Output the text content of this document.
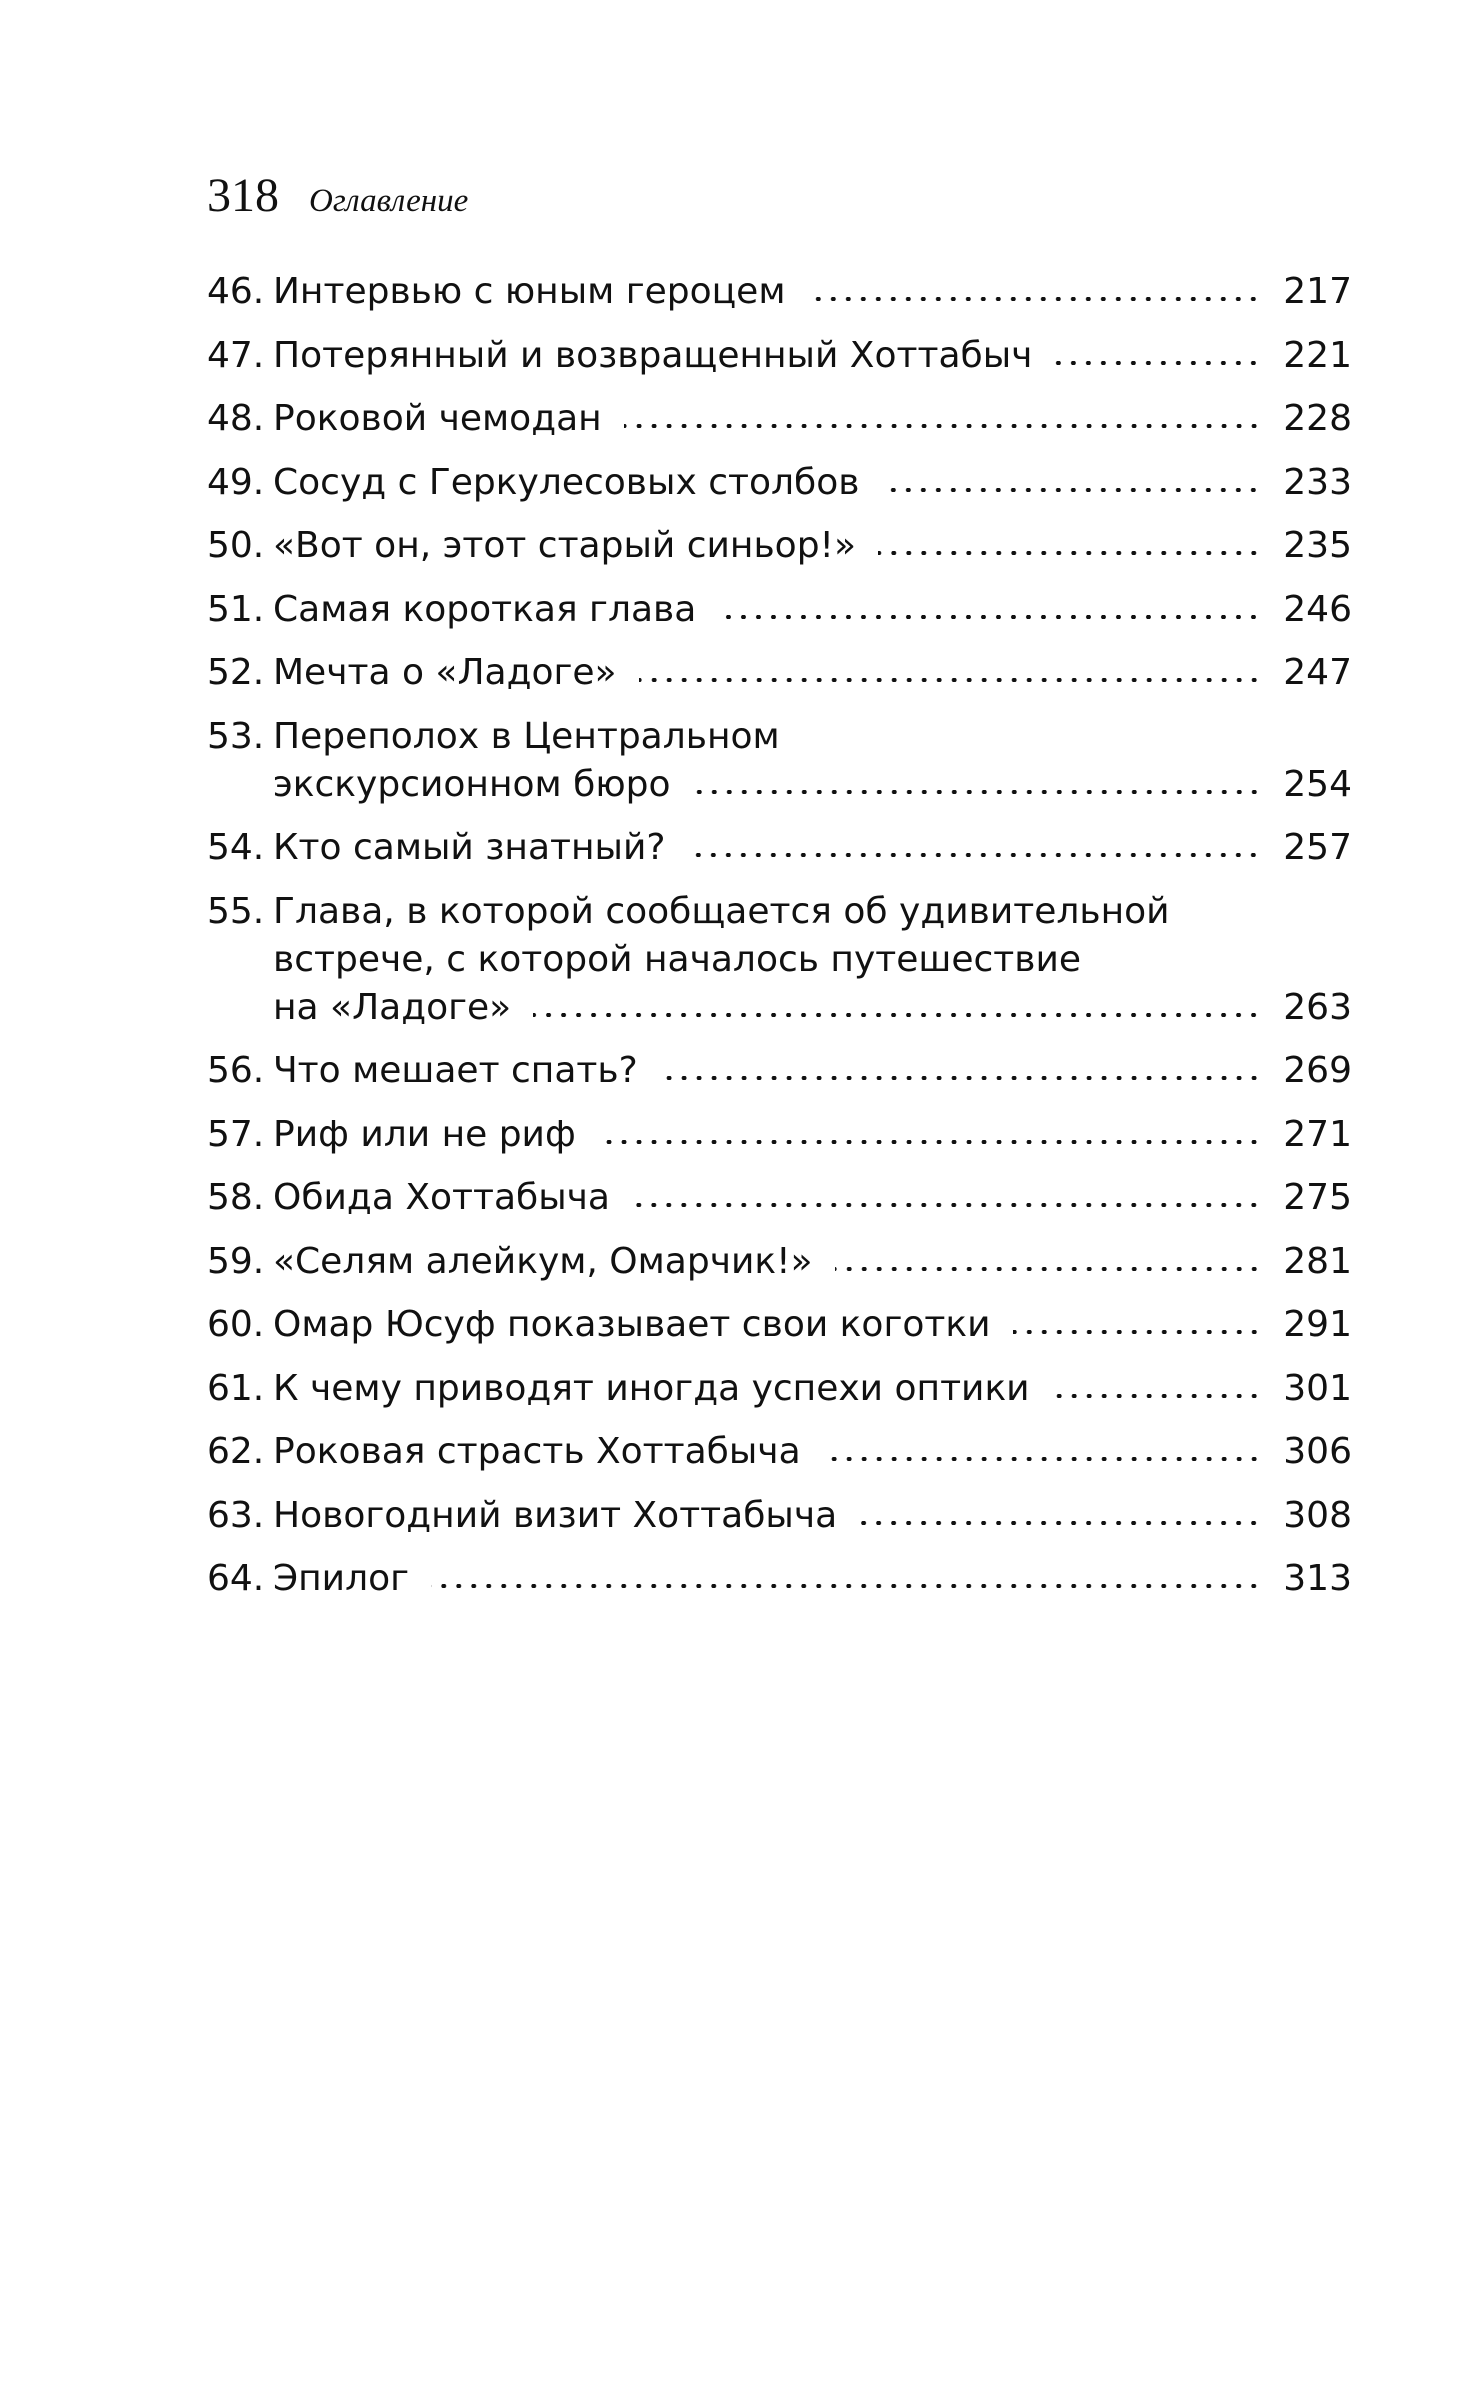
318 Оглавление
46. Интервью с юным героцем	217
47. Потерянный и возвращенный Хоттабыч	221
48. Роковой чемодан	228
49. Сосуд с Геркулесовых столбов	233
50. «Вот он, этот старый синьор!»	235
51. Самая короткая глава	246
52. Мечта о «Ладоге»	247
53. Переполох в Центральном
экскурсионном бюро	254
54. Кто самый знатный?	257
55. Глава, в которой сообщается об удивительной
встрече, с которой началось путешествие
на «Ладоге»	263
56. Что мешает спать?	269
57. Риф или не риф	271
58. Обида Хоттабыча	275
59. «Селям алейкум, Омарчик!»	281
60. Омар Юсуф показывает свои коготки	291
61. К чему приводят иногда успехи оптики	301
62. Роковая страсть Хоттабыча	306
63. Новогодний визит Хоттабыча	308
64. Эпилог	313
